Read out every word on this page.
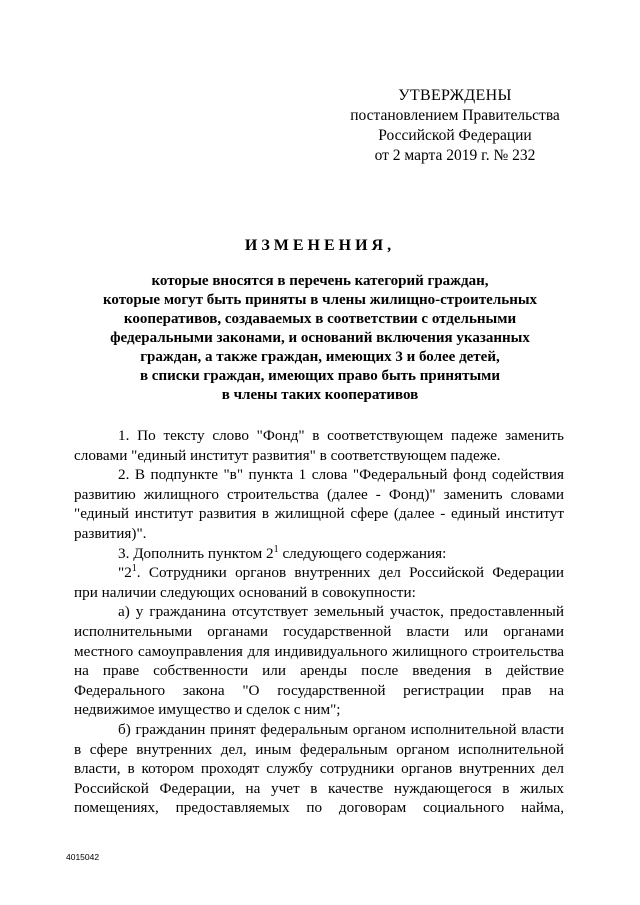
УТВЕРЖДЕНЫ
постановлением Правительства
Российской Федерации
от 2 марта 2019 г. № 232
ИЗМЕНЕНИЯ,
которые вносятся в перечень категорий граждан,
которые могут быть приняты в члены жилищно-строительных
кооперативов, создаваемых в соответствии с отдельными
федеральными законами, и оснований включения указанных
граждан, а также граждан, имеющих 3 и более детей,
в списки граждан, имеющих право быть принятыми
в члены таких кооперативов

1. По тексту слово "Фонд" в соответствующем падеже заменить словами "единый институт развития" в соответствующем падеже.

2. В подпункте "в" пункта 1 слова "Федеральный фонд содействия развитию жилищного строительства (далее - Фонд)" заменить словами "единый институт развития в жилищной сфере (далее - единый институт развития)".

3. Дополнить пунктом $2^1$ следующего содержания:

"$2^1$. Сотрудники органов внутренних дел Российской Федерации при наличии следующих оснований в совокупности:

а) у гражданина отсутствует земельный участок, предоставленный исполнительными органами государственной власти или органами местного самоуправления для индивидуального жилищного строительства на праве собственности или аренды после введения в действие Федерального закона "О государственной регистрации прав на недвижимое имущество и сделок с ним";

б) гражданин принят федеральным органом исполнительной власти в сфере внутренних дел, иным федеральным органом исполнительной власти, в котором проходят службу сотрудники органов внутренних дел Российской Федерации, на учет в качестве нуждающегося в жилых помещениях, предоставляемых по договорам социального найма,

4015042
